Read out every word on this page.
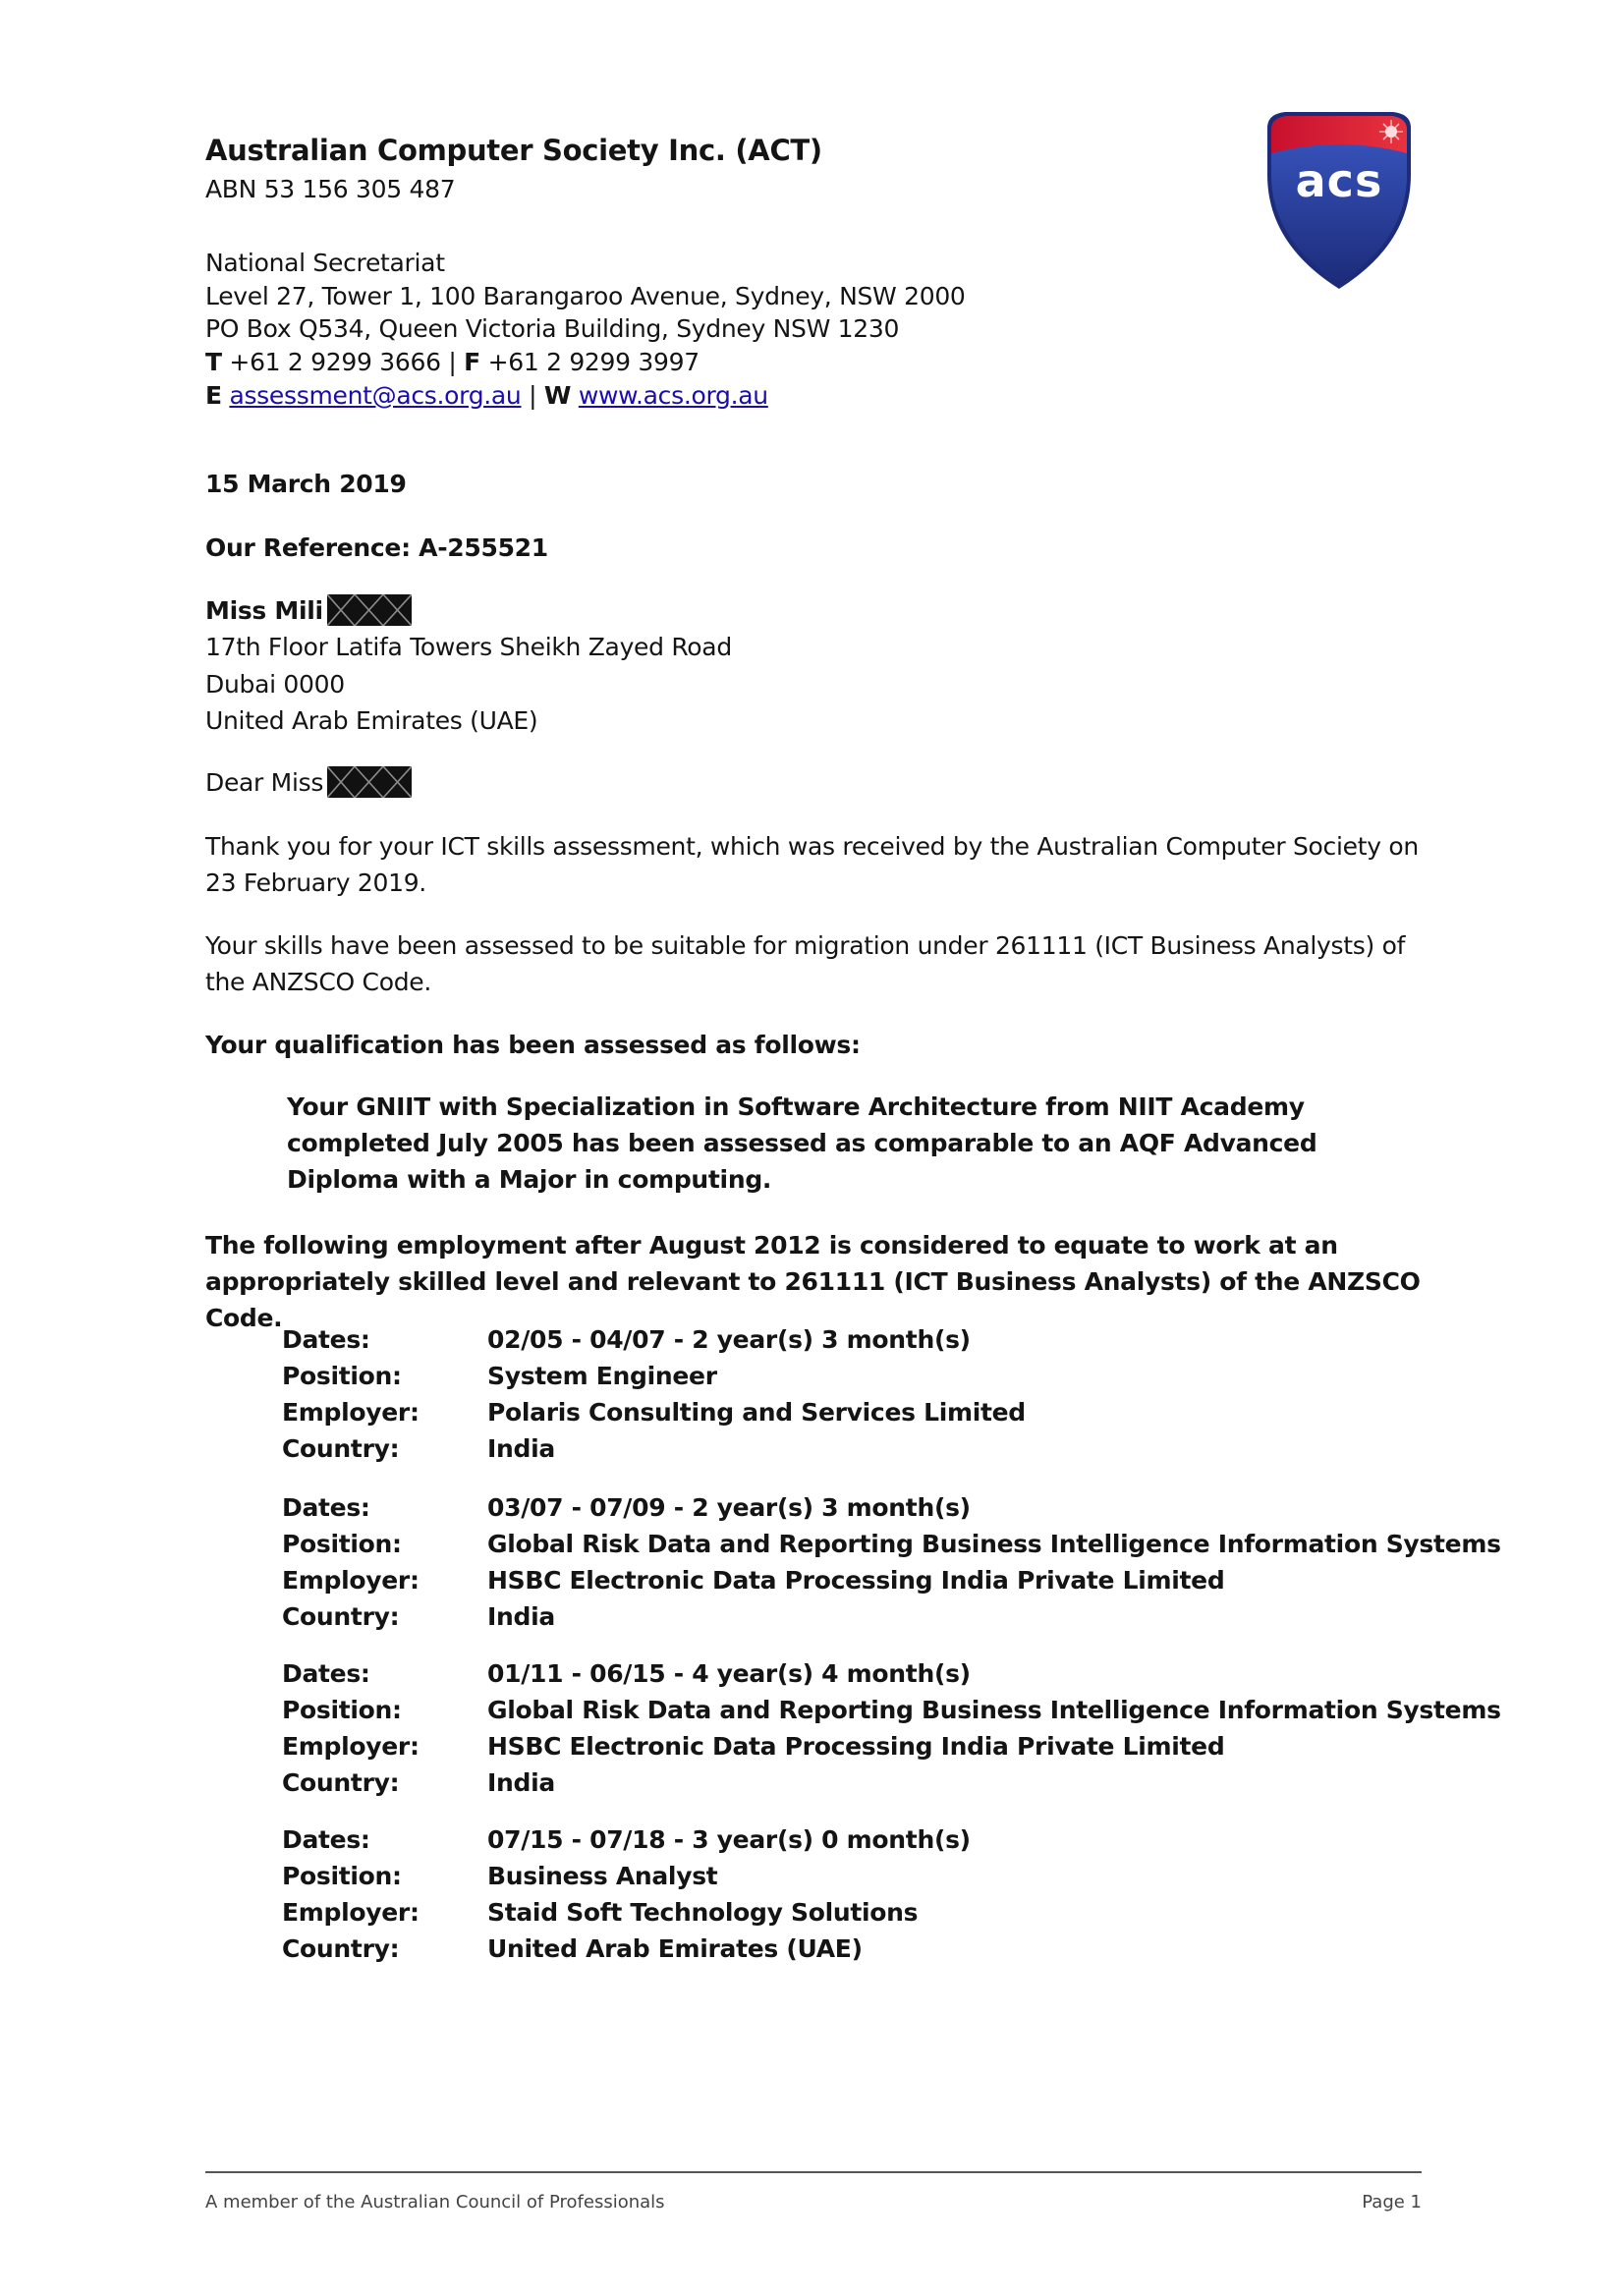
acs
Australian Computer Society Inc. (ACT)
ABN 53 156 305 487
National Secretariat
Level 27, Tower 1, 100 Barangaroo Avenue, Sydney, NSW 2000
PO Box Q534, Queen Victoria Building, Sydney NSW 1230
T +61 2 9299 3666 | F +61 2 9299 3997
E assessment@acs.org.au | W www.acs.org.au
15 March 2019
Our Reference: A-255521
Miss Mili
17th Floor Latifa Towers Sheikh Zayed Road
Dubai 0000
United Arab Emirates (UAE)
Dear Miss
Thank you for your ICT skills assessment, which was received by the Australian Computer Society on 23 February 2019.
Your skills have been assessed to be suitable for migration under 261111 (ICT Business Analysts) of the ANZSCO Code.
Your qualification has been assessed as follows:
Your GNIIT with Specialization in Software Architecture from NIIT Academy completed July 2005 has been assessed as comparable to an AQF Advanced Diploma with a Major in computing.
The following employment after August 2012 is considered to equate to work at an appropriately skilled level and relevant to 261111 (ICT Business Analysts) of the ANZSCO Code.
Dates:	02/05 - 04/07 - 2 year(s) 3 month(s)
Position:	System Engineer
Employer:	Polaris Consulting and Services Limited
Country:	India
Dates:	03/07 - 07/09 - 2 year(s) 3 month(s)
Position:	Global Risk Data and Reporting Business Intelligence Information Systems
Employer:	HSBC Electronic Data Processing India Private Limited
Country:	India
Dates:	01/11 - 06/15 - 4 year(s) 4 month(s)
Position:	Global Risk Data and Reporting Business Intelligence Information Systems
Employer:	HSBC Electronic Data Processing India Private Limited
Country:	India
Dates:	07/15 - 07/18 - 3 year(s) 0 month(s)
Position:	Business Analyst
Employer:	Staid Soft Technology Solutions
Country:	United Arab Emirates (UAE)
A member of the Australian Council of Professionals	Page 1
